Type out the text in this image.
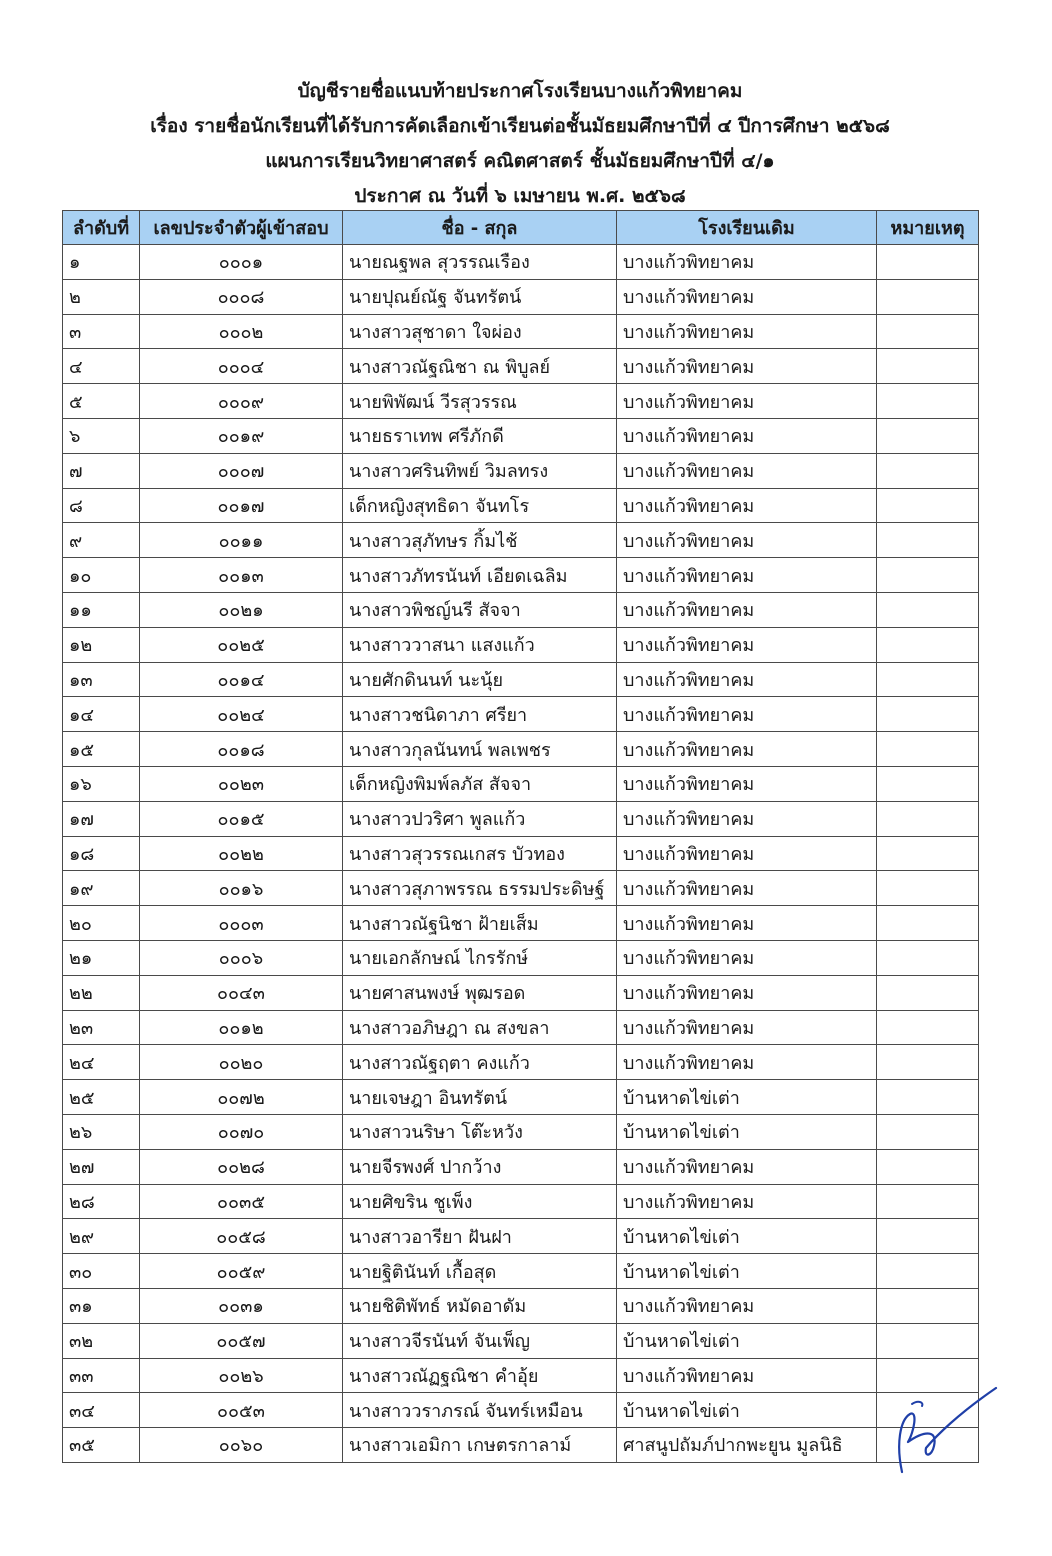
บัญชีรายชื่อแนบท้ายประกาศโรงเรียนบางแก้วพิทยาคม
เรื่อง รายชื่อนักเรียนที่ได้รับการคัดเลือกเข้าเรียนต่อชั้นมัธยมศึกษาปีที่ ๔ ปีการศึกษา ๒๕๖๘
แผนการเรียนวิทยาศาสตร์ คณิตศาสตร์ ชั้นมัธยมศึกษาปีที่ ๔/๑
ประกาศ ณ วันที่ ๖ เมษายน พ.ศ. ๒๕๖๘
ลำดับที่	เลขประจำตัวผู้เข้าสอบ	ชื่อ - สกุล	โรงเรียนเดิม	หมายเหตุ
๑	๐๐๐๑	นายณฐพล สุวรรณเรือง	บางแก้วพิทยาคม	
๒	๐๐๐๘	นายปุณย์ณัฐ จันทรัตน์	บางแก้วพิทยาคม	
๓	๐๐๐๒	นางสาวสุชาดา ใจผ่อง	บางแก้วพิทยาคม	
๔	๐๐๐๔	นางสาวณัฐณิชา ณ พิบูลย์	บางแก้วพิทยาคม	
๕	๐๐๐๙	นายพิพัฒน์ วีรสุวรรณ	บางแก้วพิทยาคม	
๖	๐๐๑๙	นายธราเทพ ศรีภักดี	บางแก้วพิทยาคม	
๗	๐๐๐๗	นางสาวศรินทิพย์ วิมลทรง	บางแก้วพิทยาคม	
๘	๐๐๑๗	เด็กหญิงสุทธิดา จันทโร	บางแก้วพิทยาคม	
๙	๐๐๑๑	นางสาวสุภัทษร กิ้มไช้	บางแก้วพิทยาคม	
๑๐	๐๐๑๓	นางสาวภัทรนันท์ เอียดเฉลิม	บางแก้วพิทยาคม	
๑๑	๐๐๒๑	นางสาวพิชญ์นรี สัจจา	บางแก้วพิทยาคม	
๑๒	๐๐๒๕	นางสาววาสนา แสงแก้ว	บางแก้วพิทยาคม	
๑๓	๐๐๑๔	นายศักดินนท์ นะนุ้ย	บางแก้วพิทยาคม	
๑๔	๐๐๒๔	นางสาวชนิดาภา ศรียา	บางแก้วพิทยาคม	
๑๕	๐๐๑๘	นางสาวกุลนันทน์ พลเพชร	บางแก้วพิทยาคม	
๑๖	๐๐๒๓	เด็กหญิงพิมพ์ลภัส สัจจา	บางแก้วพิทยาคม	
๑๗	๐๐๑๕	นางสาวปวริศา พูลแก้ว	บางแก้วพิทยาคม	
๑๘	๐๐๒๒	นางสาวสุวรรณเกสร บัวทอง	บางแก้วพิทยาคม	
๑๙	๐๐๑๖	นางสาวสุภาพรรณ ธรรมประดิษฐ์	บางแก้วพิทยาคม	
๒๐	๐๐๐๓	นางสาวณัฐนิชา ฝ้ายเส็ม	บางแก้วพิทยาคม	
๒๑	๐๐๐๖	นายเอกลักษณ์ ไกรรักษ์	บางแก้วพิทยาคม	
๒๒	๐๐๔๓	นายศาสนพงษ์ พุฒรอด	บางแก้วพิทยาคม	
๒๓	๐๐๑๒	นางสาวอภิษฎา ณ สงขลา	บางแก้วพิทยาคม	
๒๔	๐๐๒๐	นางสาวณัฐฤตา คงแก้ว	บางแก้วพิทยาคม	
๒๕	๐๐๗๒	นายเจษฎา อินทรัตน์	บ้านหาดไข่เต่า	
๒๖	๐๐๗๐	นางสาวนริษา โต๊ะหวัง	บ้านหาดไข่เต่า	
๒๗	๐๐๒๘	นายจีรพงศ์ ปากว้าง	บางแก้วพิทยาคม	
๒๘	๐๐๓๕	นายศิขริน ชูเพ็ง	บางแก้วพิทยาคม	
๒๙	๐๐๕๘	นางสาวอารียา ฝันฝา	บ้านหาดไข่เต่า	
๓๐	๐๐๕๙	นายฐิตินันท์ เกื้อสุด	บ้านหาดไข่เต่า	
๓๑	๐๐๓๑	นายชิติพัทธ์ หมัดอาดัม	บางแก้วพิทยาคม	
๓๒	๐๐๕๗	นางสาวจีรนันท์ จันเพ็ญ	บ้านหาดไข่เต่า	
๓๓	๐๐๒๖	นางสาวณัฏฐณิชา คำอุ้ย	บางแก้วพิทยาคม	
๓๔	๐๐๕๓	นางสาววราภรณ์ จันทร์เหมือน	บ้านหาดไข่เต่า	
๓๕	๐๐๖๐	นางสาวเอมิกา เกษตรกาลาม์	ศาสนูปถัมภ์ปากพะยูน มูลนิธิ	
